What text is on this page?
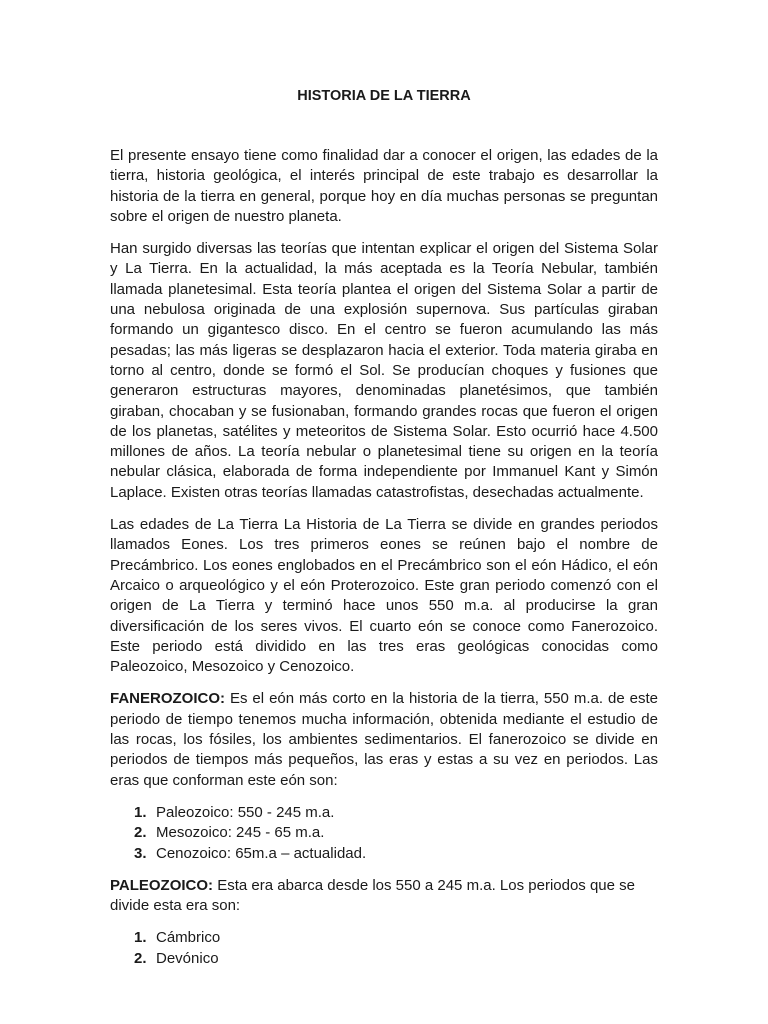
HISTORIA DE LA TIERRA

El presente ensayo tiene como finalidad dar a conocer el origen, las edades de la tierra, historia geológica, el interés principal de este trabajo es desarrollar la historia de la tierra en general, porque hoy en día muchas personas se preguntan sobre el origen de nuestro planeta.

Han surgido diversas las teorías que intentan explicar el origen del Sistema Solar y La Tierra. En la actualidad, la más aceptada es la Teoría Nebular, también llamada planetesimal. Esta teoría plantea el origen del Sistema Solar a partir de una nebulosa originada de una explosión supernova. Sus partículas giraban formando un gigantesco disco. En el centro se fueron acumulando las más pesadas; las más ligeras se desplazaron hacia el exterior. Toda materia giraba en torno al centro, donde se formó el Sol. Se producían choques y fusiones que generaron estructuras mayores, denominadas planetésimos, que también giraban, chocaban y se fusionaban, formando grandes rocas que fueron el origen de los planetas, satélites y meteoritos de Sistema Solar. Esto ocurrió hace 4.500 millones de años. La teoría nebular o planetesimal tiene su origen en la teoría nebular clásica, elaborada de forma independiente por Immanuel Kant y Simón Laplace. Existen otras teorías llamadas catastrofistas, desechadas actualmente.

Las edades de La Tierra La Historia de La Tierra se divide en grandes periodos llamados Eones. Los tres primeros eones se reúnen bajo el nombre de Precámbrico. Los eones englobados en el Precámbrico son el eón Hádico, el eón Arcaico o arqueológico y el eón Proterozoico. Este gran periodo comenzó con el origen de La Tierra y terminó hace unos 550 m.a. al producirse la gran diversificación de los seres vivos. El cuarto eón se conoce como Fanerozoico. Este periodo está dividido en las tres eras geológicas conocidas como Paleozoico, Mesozoico y Cenozoico.

FANEROZOICO: Es el eón más corto en la historia de la tierra, 550 m.a. de este periodo de tiempo tenemos mucha información, obtenida mediante el estudio de las rocas, los fósiles, los ambientes sedimentarios. El fanerozoico se divide en periodos de tiempos más pequeños, las eras y estas a su vez en periodos. Las eras que conforman este eón son:

1. Paleozoico: 550 - 245 m.a.
2. Mesozoico: 245 - 65 m.a.
3. Cenozoico: 65m.a – actualidad.

PALEOZOICO: Esta era abarca desde los 550 a 245 m.a. Los periodos que se divide esta era son:

1. Cámbrico
2. Devónico
